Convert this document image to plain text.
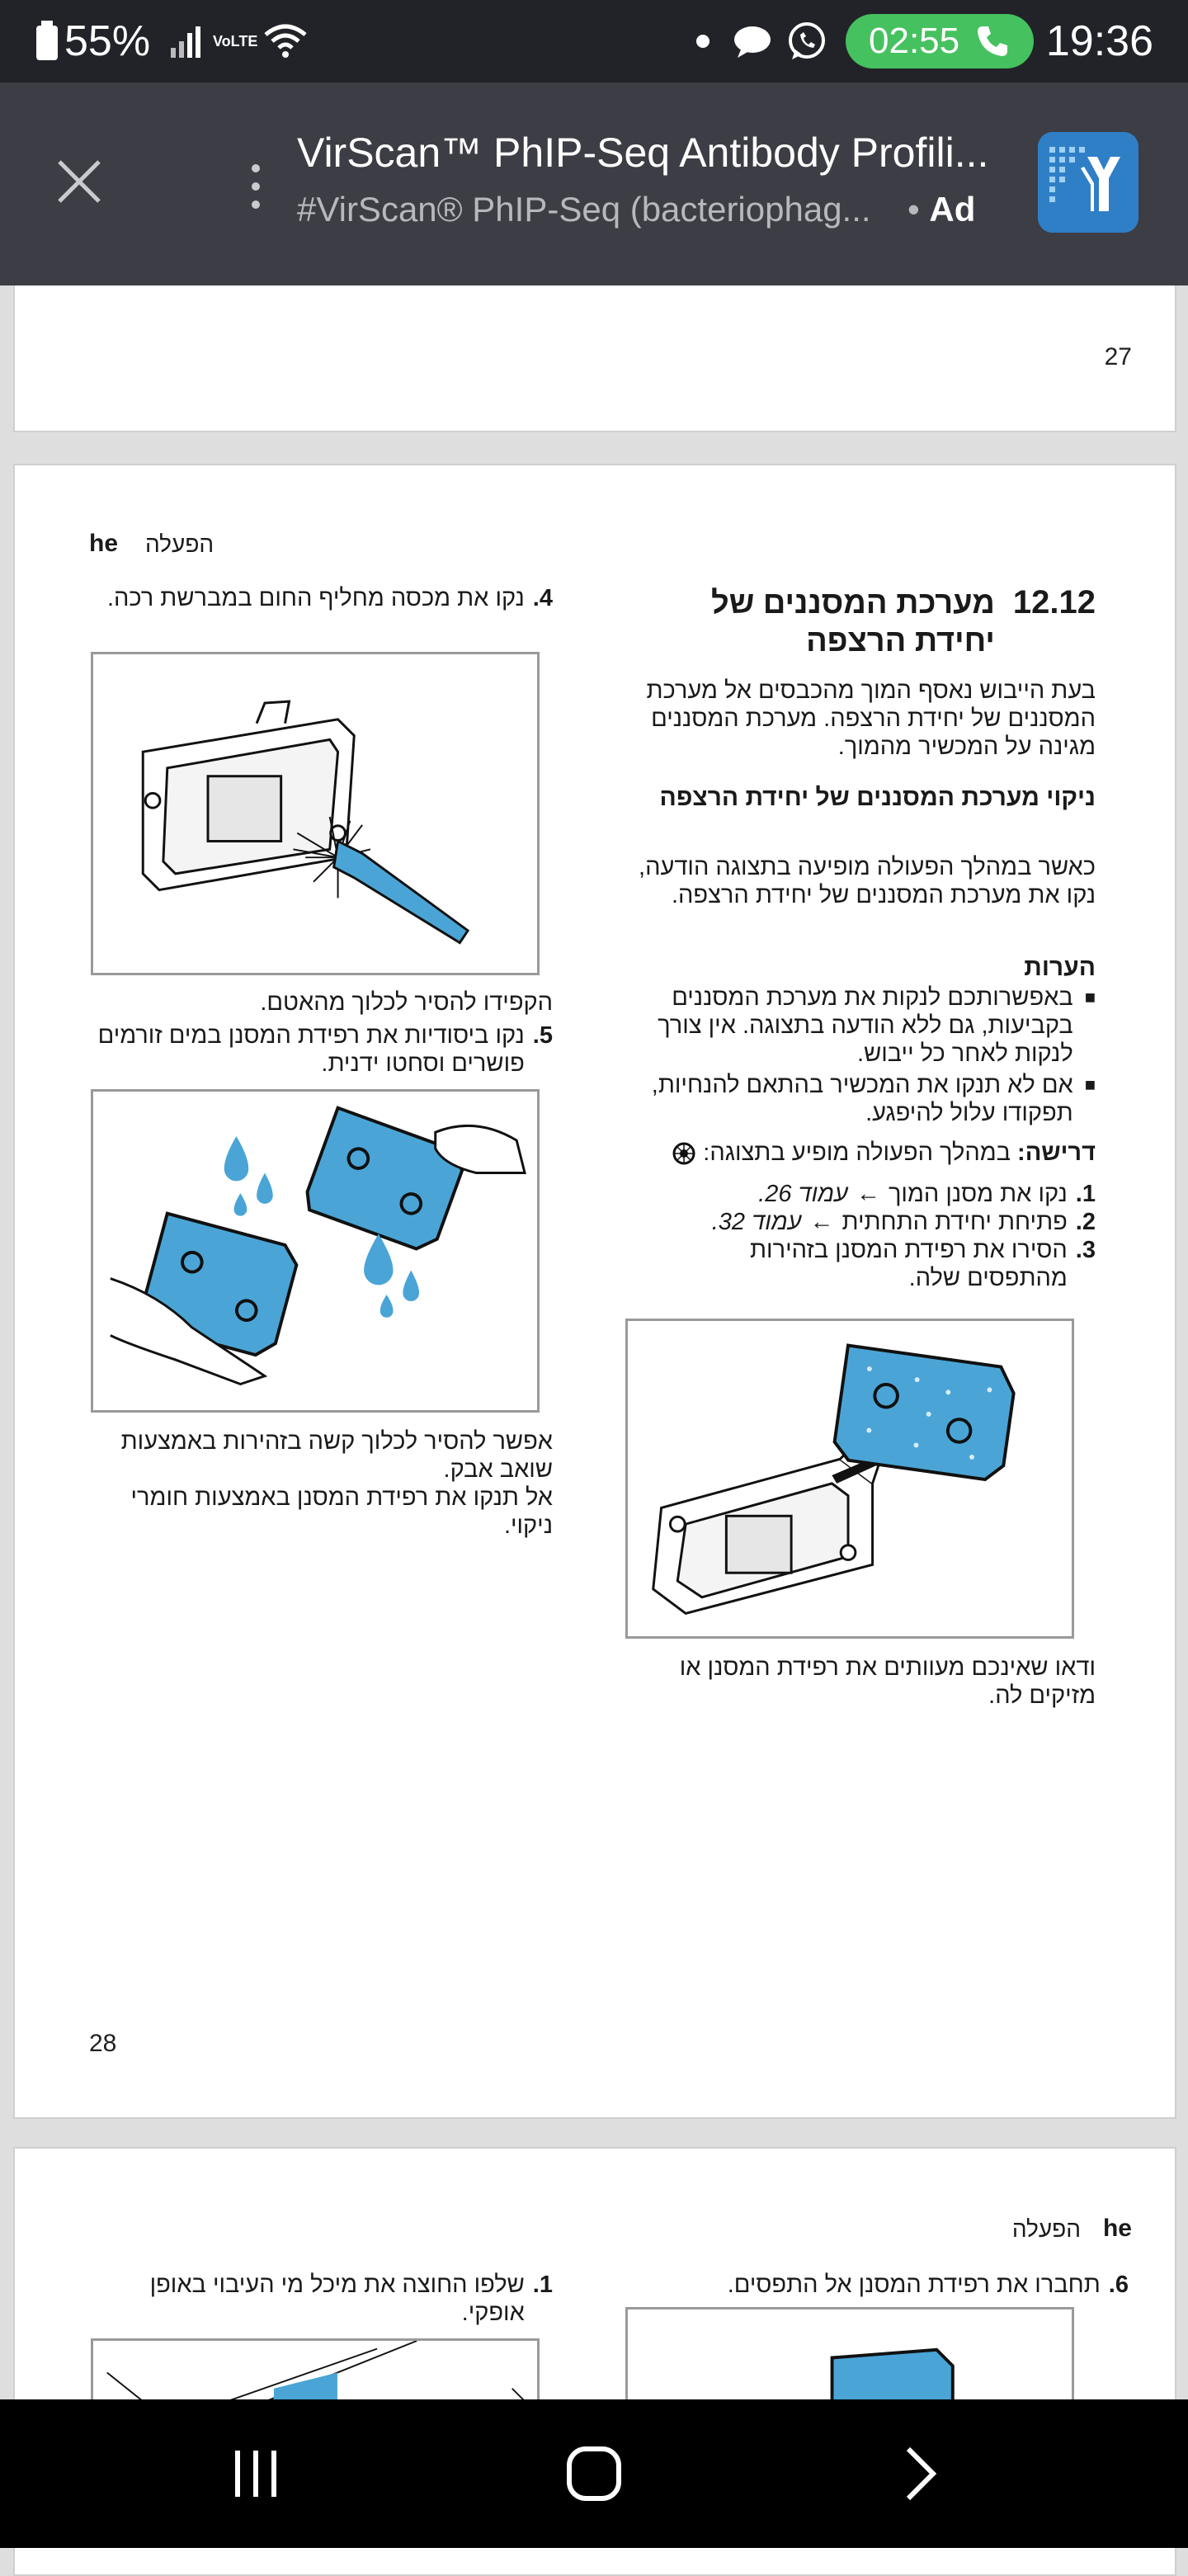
55%	VoLTE	02:55 19:36
VirScan™ PhIP-Seq Antibody Profili...
#VirScan® PhIP-Seq (bacteriophag...	• Ad
27
he הפעלה
12.12
מערכת המסננים של יחידת הרצפה
בעת הייבוש נאסף המוך מהכבסים אל מערכת המסננים של יחידת הרצפה. מערכת המסננים מגינה על המכשיר מהמוך.
ניקוי מערכת המסננים של יחידת הרצפה
כאשר במהלך הפעולה מופיעה בתצוגה הודעה, נקו את מערכת המסננים של יחידת הרצפה.
הערות
■
באפשרותכם לנקות את מערכת המסננים בקביעות, גם ללא הודעה בתצוגה. אין צורך לנקות לאחר כל ייבוש.
■
אם לא תנקו את המכשיר בהתאם להנחיות, תפקודו עלול להיפגע.
דרישה: במהלך הפעולה מופיע בתצוגה:
1.
נקו את מסנן המוך
←
עמוד 26.
2.
פתיחת יחידת התחתית
←
עמוד 32.
3.
הסירו את רפידת המסנן בזהירות מהתפסים שלה.
ודאו שאינכם מעוותים את רפידת המסנן או מזיקים לה.
4.
נקו את מכסה מחליף החום במברשת רכה.
הקפידו להסיר לכלוך מהאטם.
5.
נקו ביסודיות את רפידת המסנן במים זורמים פושרים וסחטו ידנית.
אפשר להסיר לכלוך קשה בזהירות באמצעות שואב אבק.
אל תנקו את רפידת המסנן באמצעות חומרי ניקוי.
28
he
הפעלה
6.
תחברו את רפידת המסנן אל התפסים.
1.
שלפו החוצה את מיכל מי העיבוי באופן אופקי.
